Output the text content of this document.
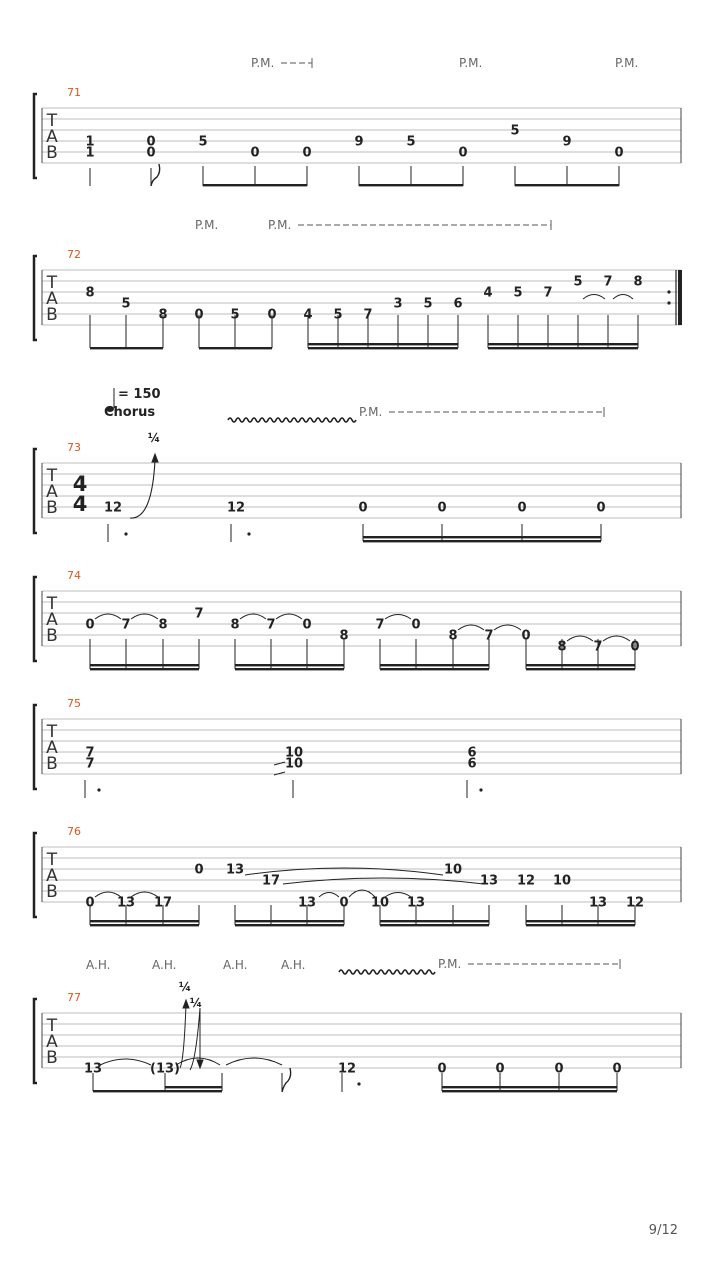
P.M.	P.M.	P.M.
T
A
B
71
1
1
0
0
5
0	0
9	5
0
5
9
0
P.M.	P.M.
T
A
B
72
8
5
8 0 5 0 4 5 7
3 5 6
4 5 7
5 7 8
= 150
Chorus
¼
P.M.
T
A
B
73
4
4 12	12	0	0	0	0
T
A
B
74
0 7 8
7
8 7 0
8
7 0
8 7 0
8 7 0
T
A
B
75
7
7
10
10
6
6
T
A
B
76
0 13 17
0 13
17
13 0 10 13
10
13 12 10
13 12
A.H.	A.H.	A.H.	A.H.	P.M.
¼
¼
T
A
B
77
13	(13)	12	0	0	0	0
9/12
